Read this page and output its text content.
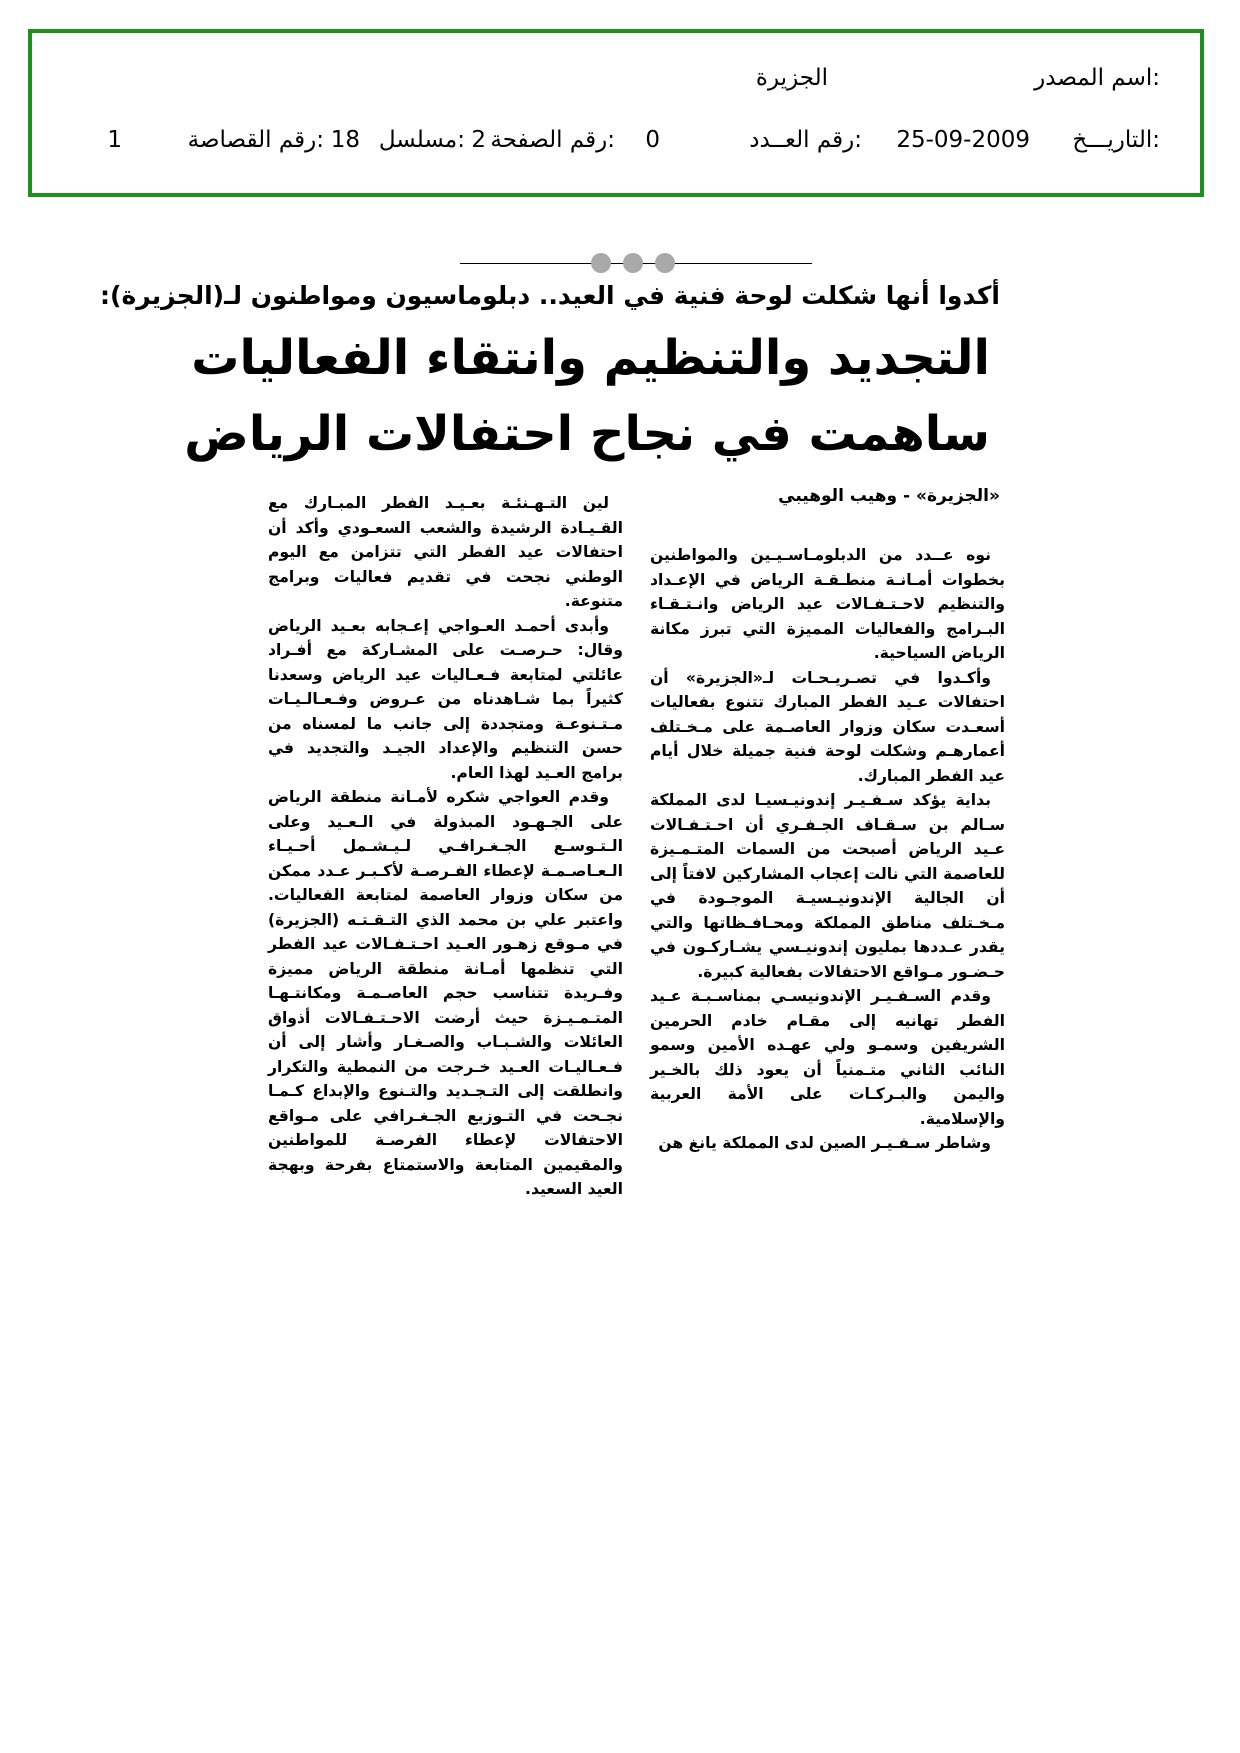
اسم المصدر:
الجزيرة
التاريـــخ:
25-09-2009
رقم العــدد:
0
رقم الصفحة:
2
مسلسل:
18
رقم القصاصة:
1
أكدوا أنها شكلت لوحة فنية في العيد.. دبلوماسيون ومواطنون لـ(الجزيرة):
التجديد والتنظيم وانتقاء الفعاليات
ساهمت في نجاح احتفالات الرياض
«الجزيرة» - وهيب الوهيبي

نوه عــدد من الدبلومـاسـيـين والمواطنين بخطوات أمـانـة منطـقـة الرياض في الإعـداد والتنظيم لاحـتـفـالات عيد الرياض وانـتـقـاء البـرامج والفعاليات المميزة التي تبرز مكانة الرياض السياحية.

وأكـدوا في تصـريـحـات لـ«الجزيرة» أن احتفالات عـيد الفطر المبارك تتنوع بفعاليات أسعـدت سكان وزوار العاصـمة على مـخـتلف أعمارهـم وشكلت لوحة فنية جميلة خلال أيام عيد الفطر المبارك.

بداية يؤكد سـفـيـر إندونيـسيـا لدى المملكة سـالم بن سـقـاف الجـفـري أن احـتـفـالات عـيد الرياض أصبحت من السمات المتـمـيزة للعاصمة التي نالت إعجاب المشاركين لافتاً إلى أن الجالية الإندونيـسيـة الموجـودة في مـخـتلف مناطق المملكة ومحـافـظاتها والتي يقدر عـددها بمليون إندونيـسي يشـاركـون في حـضـور مـواقع الاحتفالات بفعالية كبيرة.

وقدم السـفـيـر الإندونيسـي بمناسـبـة عـيد الفطر تهانيه إلى مقـام خادم الحرمين الشريفين وسمـو ولي عهـده الأمين وسمو النائب الثاني متـمنياً أن يعود ذلك بالخـير واليمن والبـركـات على الأمة العربية والإسلامية.

وشاطر سـفـيـر الصين لدى المملكة يانغ هن

لين التـهـنئـة بعـيـد الفطر المبـارك مع القـيـادة الرشيدة والشعب السعـودي وأكد أن احتفالات عيد الفطر التي تتزامن مع اليوم الوطني نجحت في تقديم فعاليات وبرامج متنوعة.

وأبدى أحمـد العـواجي إعـجابه بعـيد الرياض وقال: حـرصـت على المشـاركة مع أفـراد عائلتي لمتابعة فـعـاليات عيد الرياض وسعدنا كثيراً بما شـاهدناه من عـروض وفـعـالـيـات مـتـنوعـة ومتجددة إلى جانب ما لمسناه من حسن التنظيم والإعداد الجيـد والتجديد في برامج العـيد لهذا العام.

وقدم العواجي شكره لأمـانة منطقة الرياض على الجـهـود المبذولة في الـعـيد وعلى الـتـوسـع الجـغـرافـي لـيـشـمل أحـيـاء الـعـاصـمـة لإعطاء الفـرصـة لأكـبـر عـدد ممكن من سكان وزوار العاصمة لمتابعة الفعاليات. واعتبر علي بن محمد الذي التـقـتـه (الجزيرة) في مـوقع زهـور العـيد احـتـفـالات عيد الفطر التي تنظمها أمـانة منطقة الرياض مميزة وفـريدة تتناسب حجم العاصـمـة ومكانتـهـا المتـمـيـزة حيث أرضت الاحـتـفـالات أذواق العائلات والشـبـاب والصـغـار وأشار إلى أن فـعـاليـات العـيد خـرجت من النمطية والتكرار وانطلقت إلى التـجـديد والتـنوع والإبداع كـمـا نجـحت في التـوزيع الجـغـرافي على مـواقع الاحتفالات لإعطاء الفرصـة للمواطنين والمقيمين المتابعة والاستمتاع بفرحة وبهجة العيد السعيد.
